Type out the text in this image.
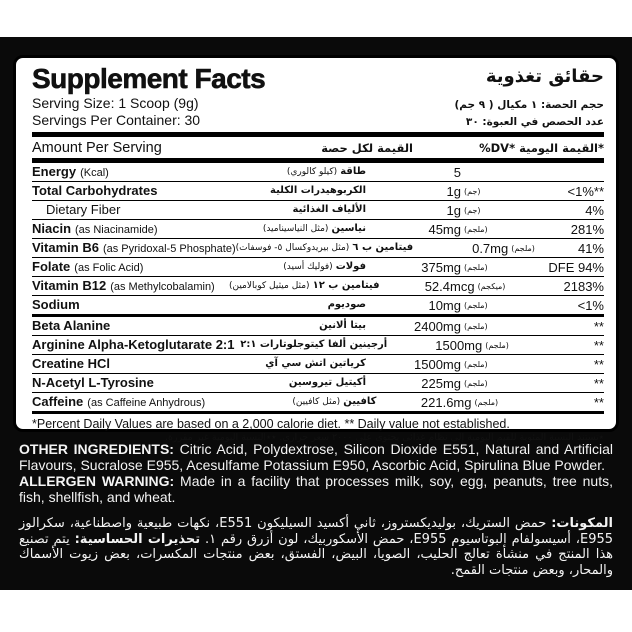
Supplement Facts	حقائق تغذوية
Serving Size: 1 Scoop (9g)	حجم الحصة: ١ مكيال ( ٩ جم)
Servings Per Container: 30	عدد الحصص في العبوة: ٣٠
Amount Per Serving	القيمة لكل حصة	*القيمة اليومية *DV%
Energy (Kcal)	طاقة (كيلو كالوري)	5
Total Carbohydrates	الكربوهيدرات الكلية	1g (جم)	<1%**
Dietary Fiber	الألياف الغذائية	1g (جم)	4%
Niacin (as Niacinamide)	نياسين (مثل النياسيناميد)	45mg (ملجم)	281%
Vitamin B6 (as Pyridoxal-5 Phosphate)	فيتامين ب ٦ (مثل بيريدوكسال ٥- فوسفات)	0.7mg (ملجم)	41%
Folate (as Folic Acid)	فولات (فوليك أسيد)	375mg (ملجم)	DFE 94%
Vitamin B12 (as Methylcobalamin)	فيتامين ب ١٢ (مثل ميثيل كوبالامين)	52.4mcg (ميكجم)	2183%
Sodium	صوديوم	10mg (ملجم)	<1%
Beta Alanine	بيتا ألانين	2400mg (ملجم)	**
Arginine Alpha-Ketoglutarate 2:1 أرجينين ألفا كيتوجلوتارات ٢:١	1500mg (ملجم)	**
Creatine HCl	كرياتين اتش سي آي	1500mg (ملجم)	**
N-Acetyl L-Tyrosine	أكيتيل تيروسين	225mg (ملجم)	**
Caffeine (as Caffeine Anhydrous)	كافيين (مثل كافيين)	221.6mg (ملجم)	**
*Percent Daily Values are based on a 2,000 calorie diet. ** Daily value not established.
٭تستند النسبة المئوية للقيم اليومية إلى نظام غذائي يحتوي على ٢٠٠٠ سعر حراري. ٭٭النسبة اليومية غير مقررة.
OTHER INGREDIENTS: Citric Acid, Polydextrose, Silicon Dioxide E551, Natural and Artificial Flavours, Sucralose E955, Acesulfame Potassium E950, Ascorbic Acid, Spirulina Blue Powder.
ALLERGEN WARNING: Made in a facility that processes milk, soy, egg, peanuts, tree nuts, fish, shellfish, and wheat.
المكونات: حمض الستريك، بوليديكستروز، ثاني أكسيد السيليكون E551، نكهات طبيعية واصطناعية، سكرالوز E955، أسيسولفام البوتاسيوم E955، حمض الأسكوربيك، لون أزرق رقم ١. تحذيرات الحساسية: يتم تصنيع هذا المنتج في منشأة تعالج الحليب، الصويا، البيض، الفستق، بعض منتجات المكسرات، بعض زيوت الأسماك والمحار، وبعض منتجات القمح.
